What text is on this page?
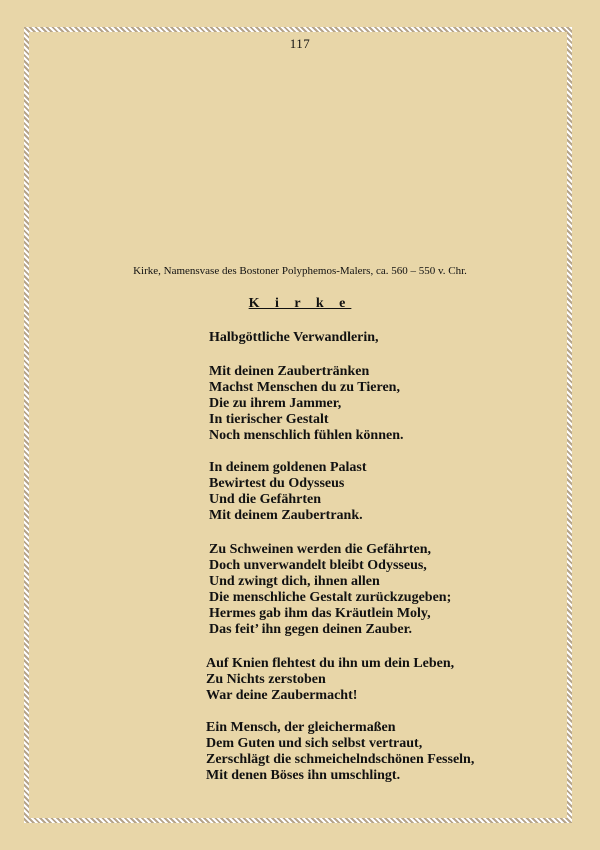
117
Kirke, Namensvase des Bostoner Polyphemos-Malers, ca. 560 – 550 v. Chr.
K i r k e
Halbgöttliche Verwandlerin,
Mit deinen Zaubertränken
Machst Menschen du zu Tieren,
Die zu ihrem Jammer,
In tierischer Gestalt
Noch menschlich fühlen können.
In deinem goldenen Palast
Bewirtest du Odysseus
Und die Gefährten
Mit deinem Zaubertrank.
Zu Schweinen werden die Gefährten,
Doch unverwandelt bleibt Odysseus,
Und zwingt dich, ihnen allen
Die menschliche Gestalt zurückzugeben;
Hermes gab ihm das Kräutlein Moly,
Das feit’ ihn gegen deinen Zauber.
Auf Knien flehtest du ihn um dein Leben,
Zu Nichts zerstoben
War deine Zaubermacht!
Ein Mensch, der gleichermaßen
Dem Guten und sich selbst vertraut,
Zerschlägt die schmeichelndschönen Fesseln,
Mit denen Böses ihn umschlingt.
